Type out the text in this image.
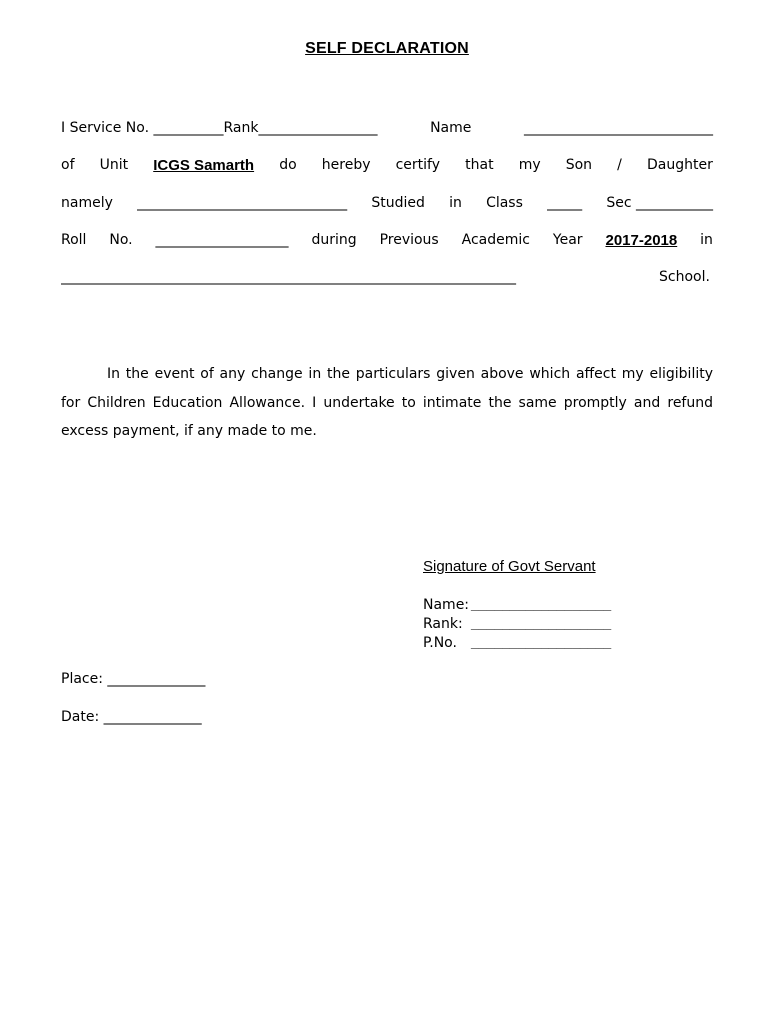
SELF DECLARATION
I Service No. __________Rank_________________	Name	___________________________
of Unit ICGS Samarth do hereby certify that my Son / Daughter
namely ______________________________ Studied in Class _____ Sec ___________
Roll No. ___________________ during Previous Academic Year 2017-2018 in
_________________________________________________________________	School.

In the event of any change in the particulars given above which affect my eligibility for Children Education Allowance. I undertake to intimate the same promptly and refund excess payment, if any made to me.

Signature of Govt Servant
Name: __________________
Rank: __________________
P.No. __________________
Place: ______________
Date: ______________
